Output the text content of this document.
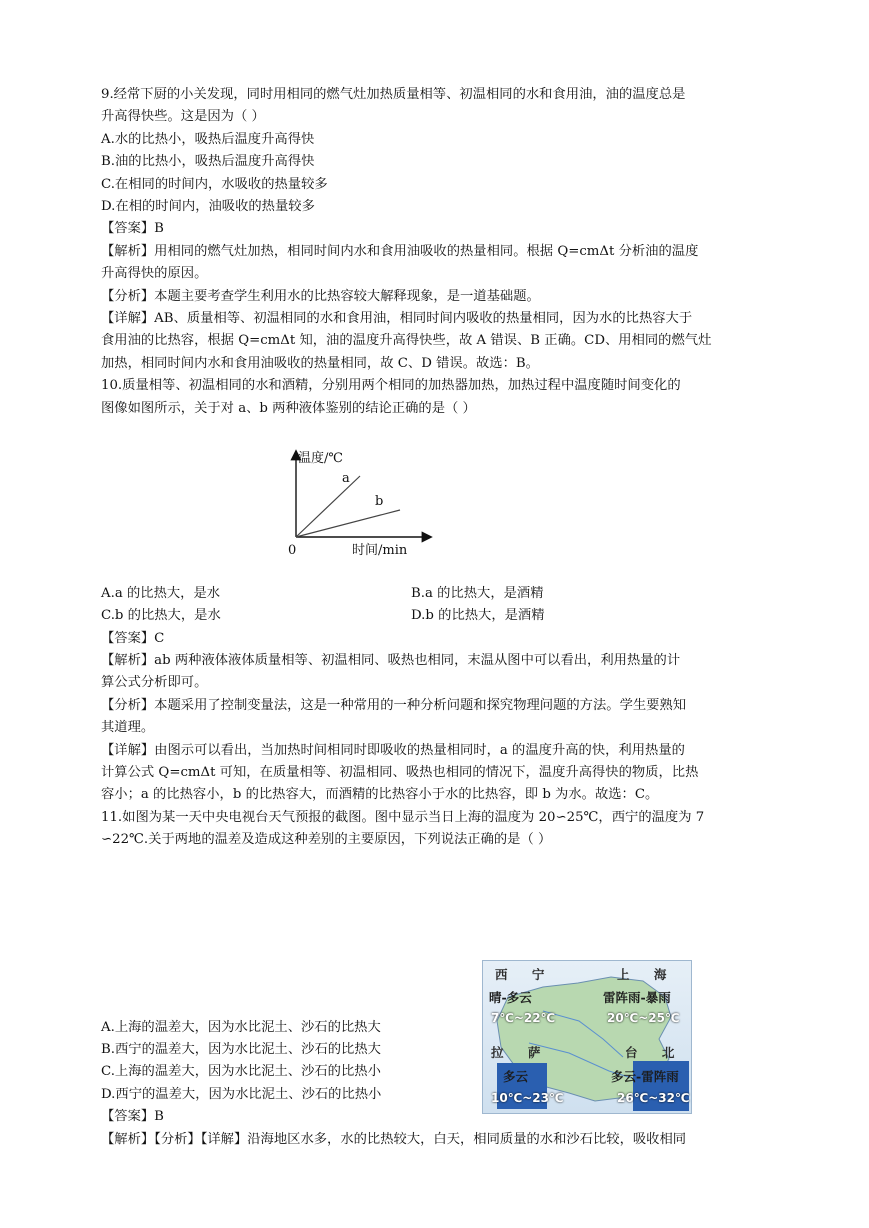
9.经常下厨的小关发现，同时用相同的燃气灶加热质量相等、初温相同的水和食用油，油的温度总是
升高得快些。这是因为（ ）
A.水的比热小，吸热后温度升高得快
B.油的比热小，吸热后温度升高得快
C.在相同的时间内，水吸收的热量较多
D.在相的时间内，油吸收的热量较多
【答案】B
【解析】用相同的燃气灶加热，相同时间内水和食用油吸收的热量相同。根据 Q=cmΔt 分析油的温度
升高得快的原因。
【分析】本题主要考查学生利用水的比热容较大解释现象，是一道基础题。
【详解】AB、质量相等、初温相同的水和食用油，相同时间内吸收的热量相同，因为水的比热容大于
食用油的比热容，根据 Q=cmΔt 知，油的温度升高得快些，故 A 错误、B 正确。CD、用相同的燃气灶
加热，相同时间内水和食用油吸收的热量相同，故 C、D 错误。故选：B。
10.质量相等、初温相同的水和酒精，分别用两个相同的加热器加热，加热过程中温度随时间变化的
图像如图所示，关于对 a、b 两种液体鉴别的结论正确的是（ ）
温度/℃
a
b
0	时间/min
A.a 的比热大，是水	B.a 的比热大，是酒精
C.b 的比热大，是水	D.b 的比热大，是酒精
【答案】C
【解析】ab 两种液体液体质量相等、初温相同、吸热也相同，末温从图中可以看出，利用热量的计
算公式分析即可。
【分析】本题采用了控制变量法，这是一种常用的一种分析问题和探究物理问题的方法。学生要熟知
其道理。
【详解】由图示可以看出，当加热时间相同时即吸收的热量相同时，a 的温度升高的快，利用热量的
计算公式 Q=cmΔt 可知，在质量相等、初温相同、吸热也相同的情况下，温度升高得快的物质，比热
容小；a 的比热容小，b 的比热容大，而酒精的比热容小于水的比热容，即 b 为水。故选：C。
11.如图为某一天中央电视台天气预报的截图。图中显示当日上海的温度为 20∽25℃，西宁的温度为 7
∽22℃.关于两地的温差及造成这种差别的主要原因，下列说法正确的是（ ）
西 宁
晴-多云
7℃~22℃
上 海
雷阵雨-暴雨
20℃~25℃
拉 萨
多云
10℃~23℃
台 北
多云-雷阵雨
26℃~32℃
A.上海的温差大，因为水比泥土、沙石的比热大
B.西宁的温差大，因为水比泥土、沙石的比热大
C.上海的温差大，因为水比泥土、沙石的比热小
D.西宁的温差大，因为水比泥土、沙石的比热小
【答案】B
【解析】【分析】【详解】沿海地区水多，水的比热较大，白天，相同质量的水和沙石比较，吸收相同
